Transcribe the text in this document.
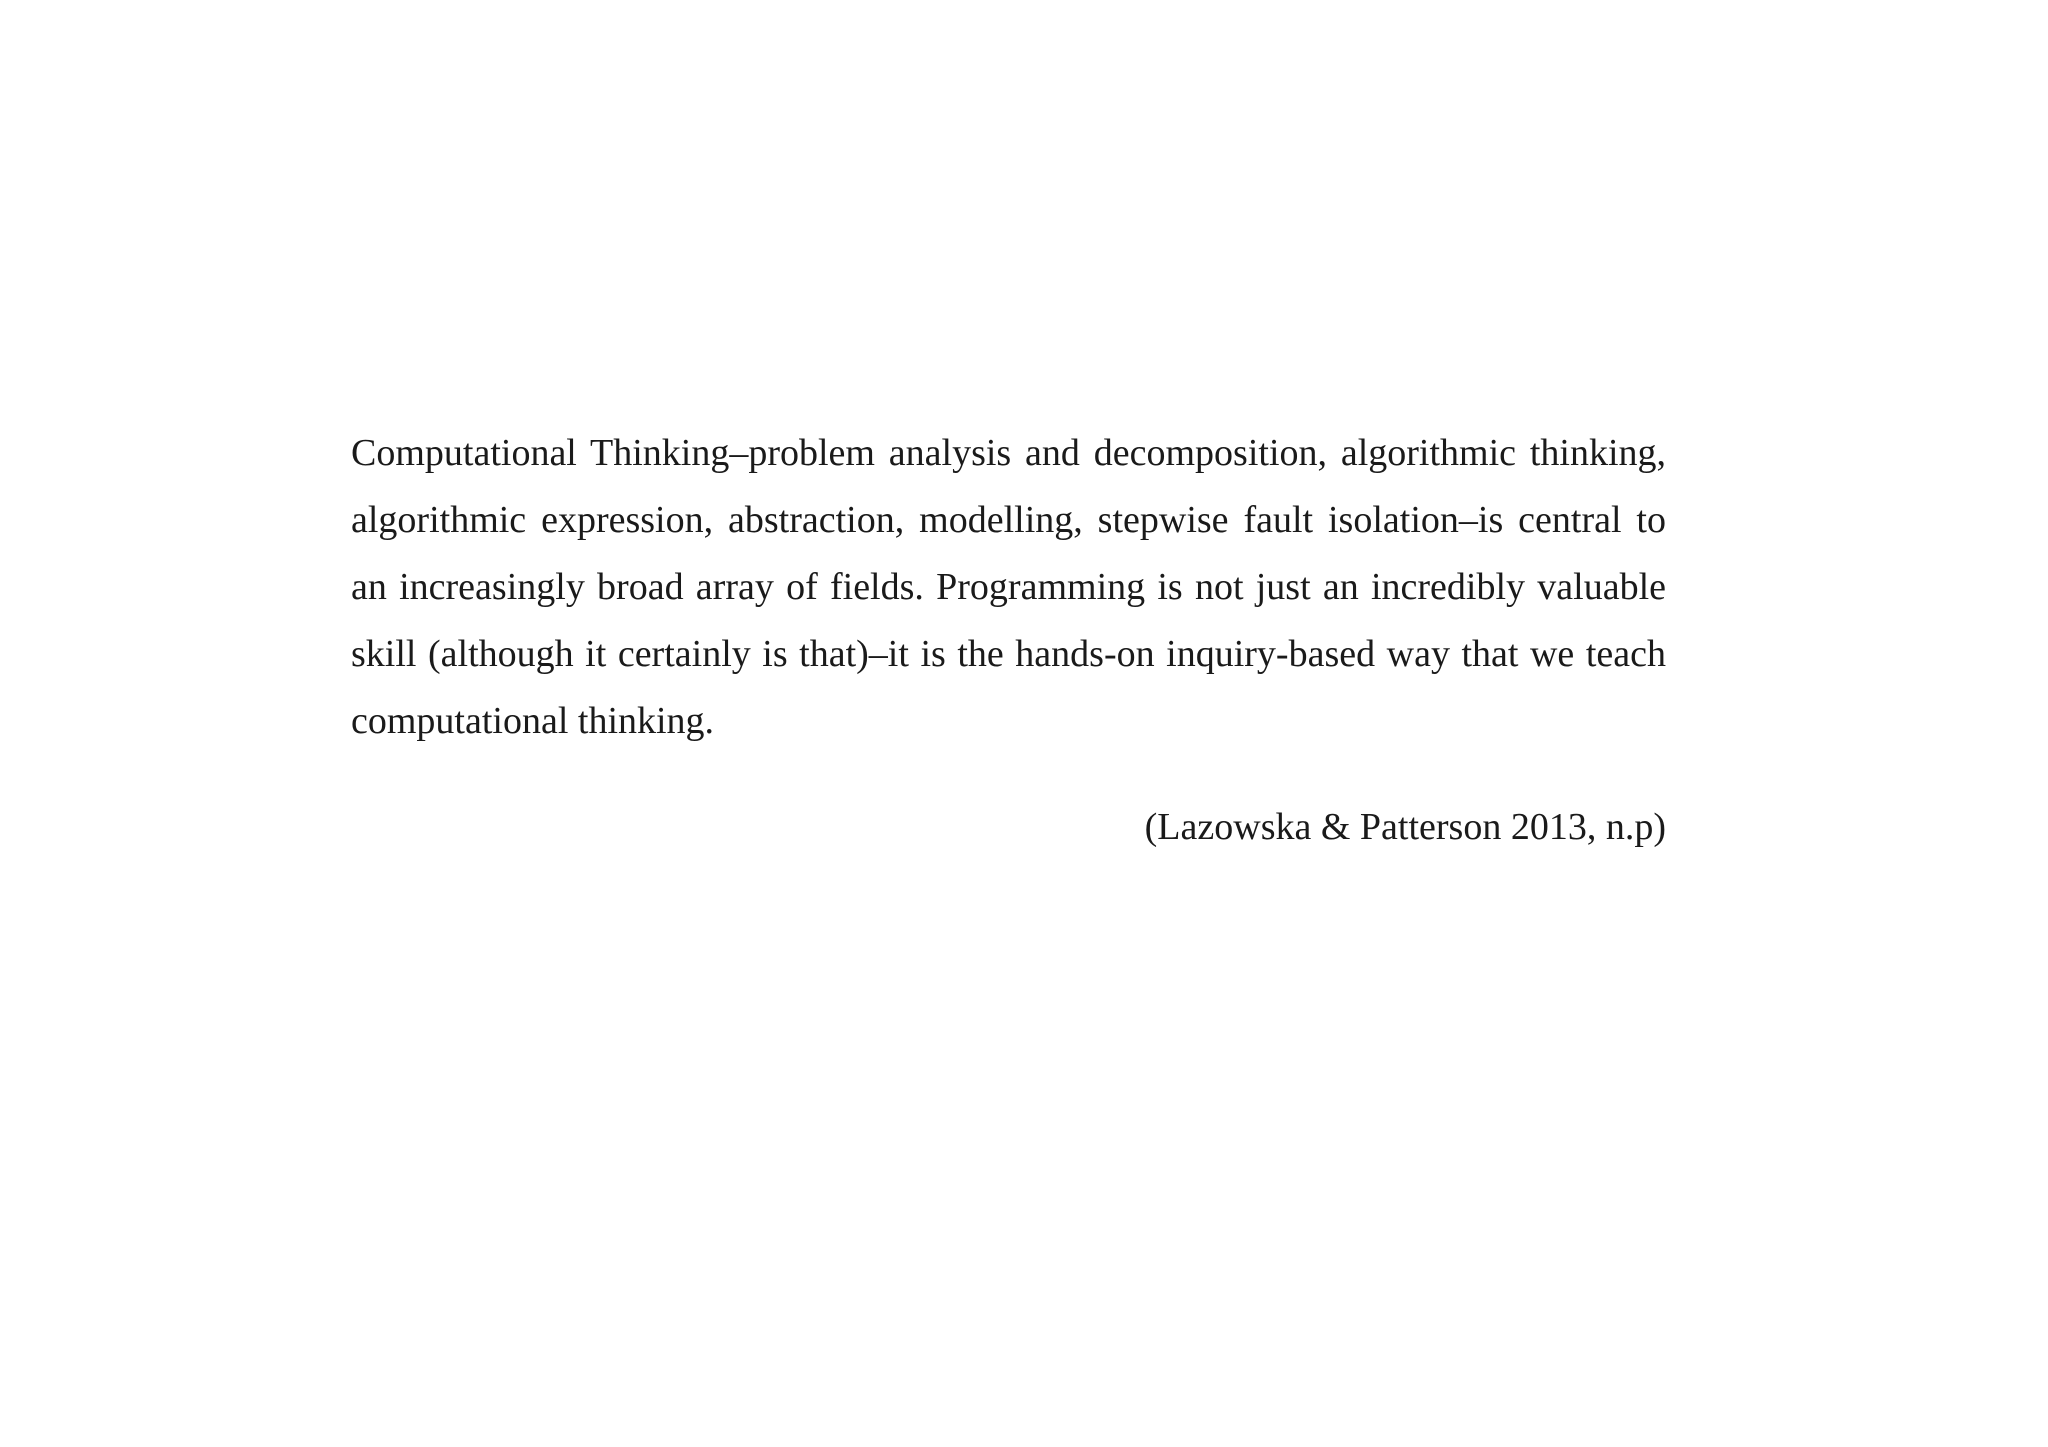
Computational Thinking–problem analysis and decomposition, algorithmic thinking, algorithmic expression, abstraction, modelling, stepwise fault isolation–is central to an increasingly broad array of fields. Programming is not just an incredibly valuable skill (although it certainly is that)–it is the hands-on inquiry-based way that we teach computational thinking.

(Lazowska & Patterson 2013, n.p)
